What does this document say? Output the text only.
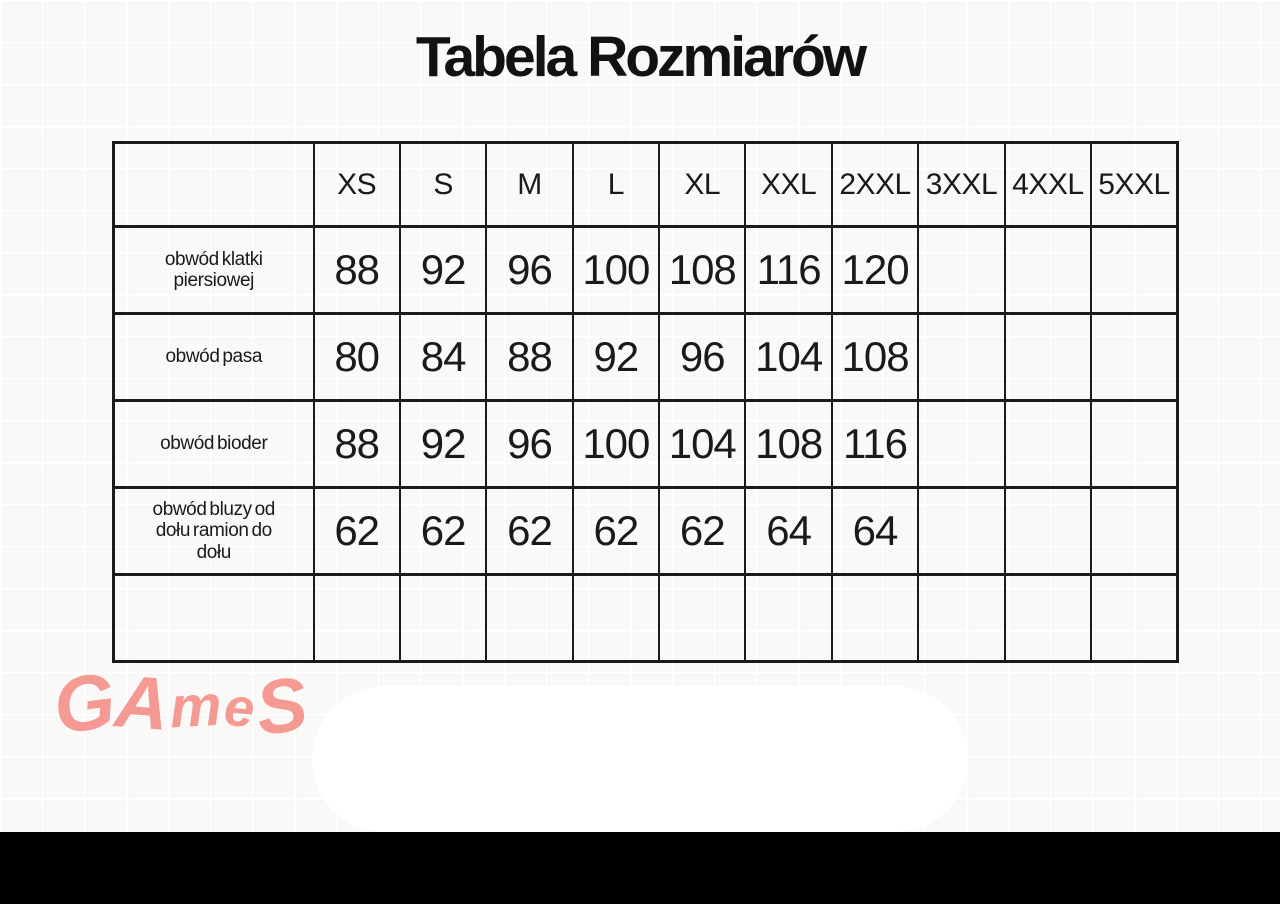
Tabela Rozmiarów
	XS	S	M	L	XL	XXL	2XXL	3XXL	4XXL	5XXL
obwód klatki piersiowej	88	92	96	100	108	116	120			
obwód pasa	80	84	88	92	96	104	108			
obwód bioder	88	92	96	100	104	108	116			
obwód bluzy od dołu ramion do dołu	62	62	62	62	62	64	64			

GAmeS
